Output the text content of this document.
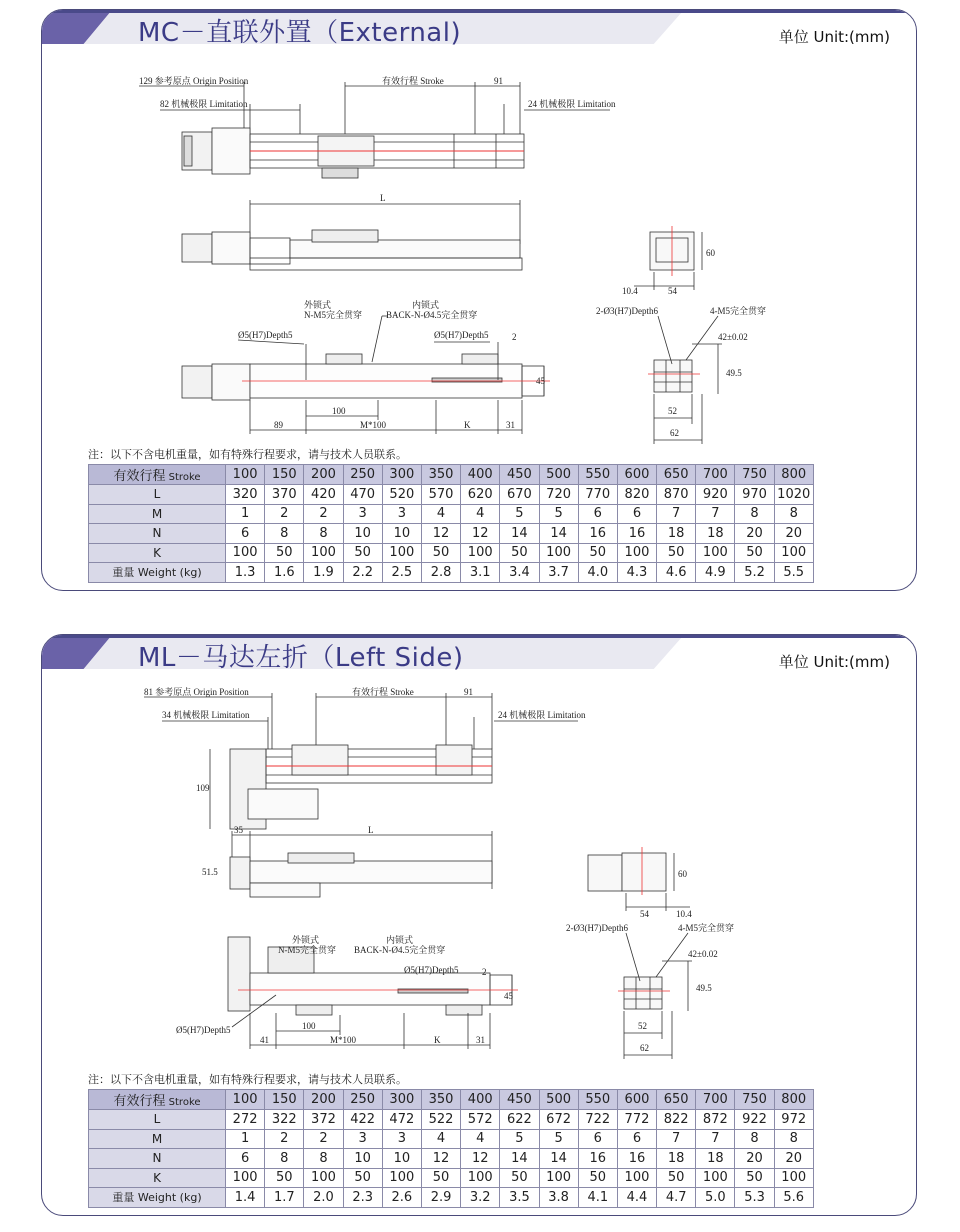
MC－直联外置（External)	单位 Unit:(mm)
129 参考原点 Origin Position	有效行程 Stroke	91
82 机械极限 Limitation	24 机械极限 Limitation
L
60
10.4	54
外锁式
N-M5完全贯穿
内锁式
BACK-N-Ø4.5完全贯穿
Ø5(H7)Depth5	Ø5(H7)Depth5	2
45
100
89	M*100	K	31
2-Ø3(H7)Depth6	4-M5完全贯穿
42±0.02
49.5
52
62
注：以下不含电机重量，如有特殊行程要求，请与技术人员联系。
有效行程 Stroke	100	150	200	250	300	350	400	450	500	550	600	650	700	750	800
L	320	370	420	470	520	570	620	670	720	770	820	870	920	970	1020
M	1	2	2	3	3	4	4	5	5	6	6	7	7	8	8
N	6	8	8	10	10	12	12	14	14	16	16	18	18	20	20
K	100	50	100	50	100	50	100	50	100	50	100	50	100	50	100
重量 Weight (kg)	1.3	1.6	1.9	2.2	2.5	2.8	3.1	3.4	3.7	4.0	4.3	4.6	4.9	5.2	5.5
ML－马达左折（Left Side)	单位 Unit:(mm)
81 参考原点 Origin Position	有效行程 Stroke	91
34 机械极限 Limitation	24 机械极限 Limitation
109
35	L
51.5	60
54	10.4
外锁式
N-M5完全贯穿
内锁式
BACK-N-Ø4.5完全贯穿
Ø5(H7)Depth5	2
45
Ø5(H7)Depth5	100
41	M*100	K	31
2-Ø3(H7)Depth6	4-M5完全贯穿
42±0.02
49.5
52
62
注：以下不含电机重量，如有特殊行程要求，请与技术人员联系。
有效行程 Stroke	100	150	200	250	300	350	400	450	500	550	600	650	700	750	800
L	272	322	372	422	472	522	572	622	672	722	772	822	872	922	972
M	1	2	2	3	3	4	4	5	5	6	6	7	7	8	8
N	6	8	8	10	10	12	12	14	14	16	16	18	18	20	20
K	100	50	100	50	100	50	100	50	100	50	100	50	100	50	100
重量 Weight (kg)	1.4	1.7	2.0	2.3	2.6	2.9	3.2	3.5	3.8	4.1	4.4	4.7	5.0	5.3	5.6
